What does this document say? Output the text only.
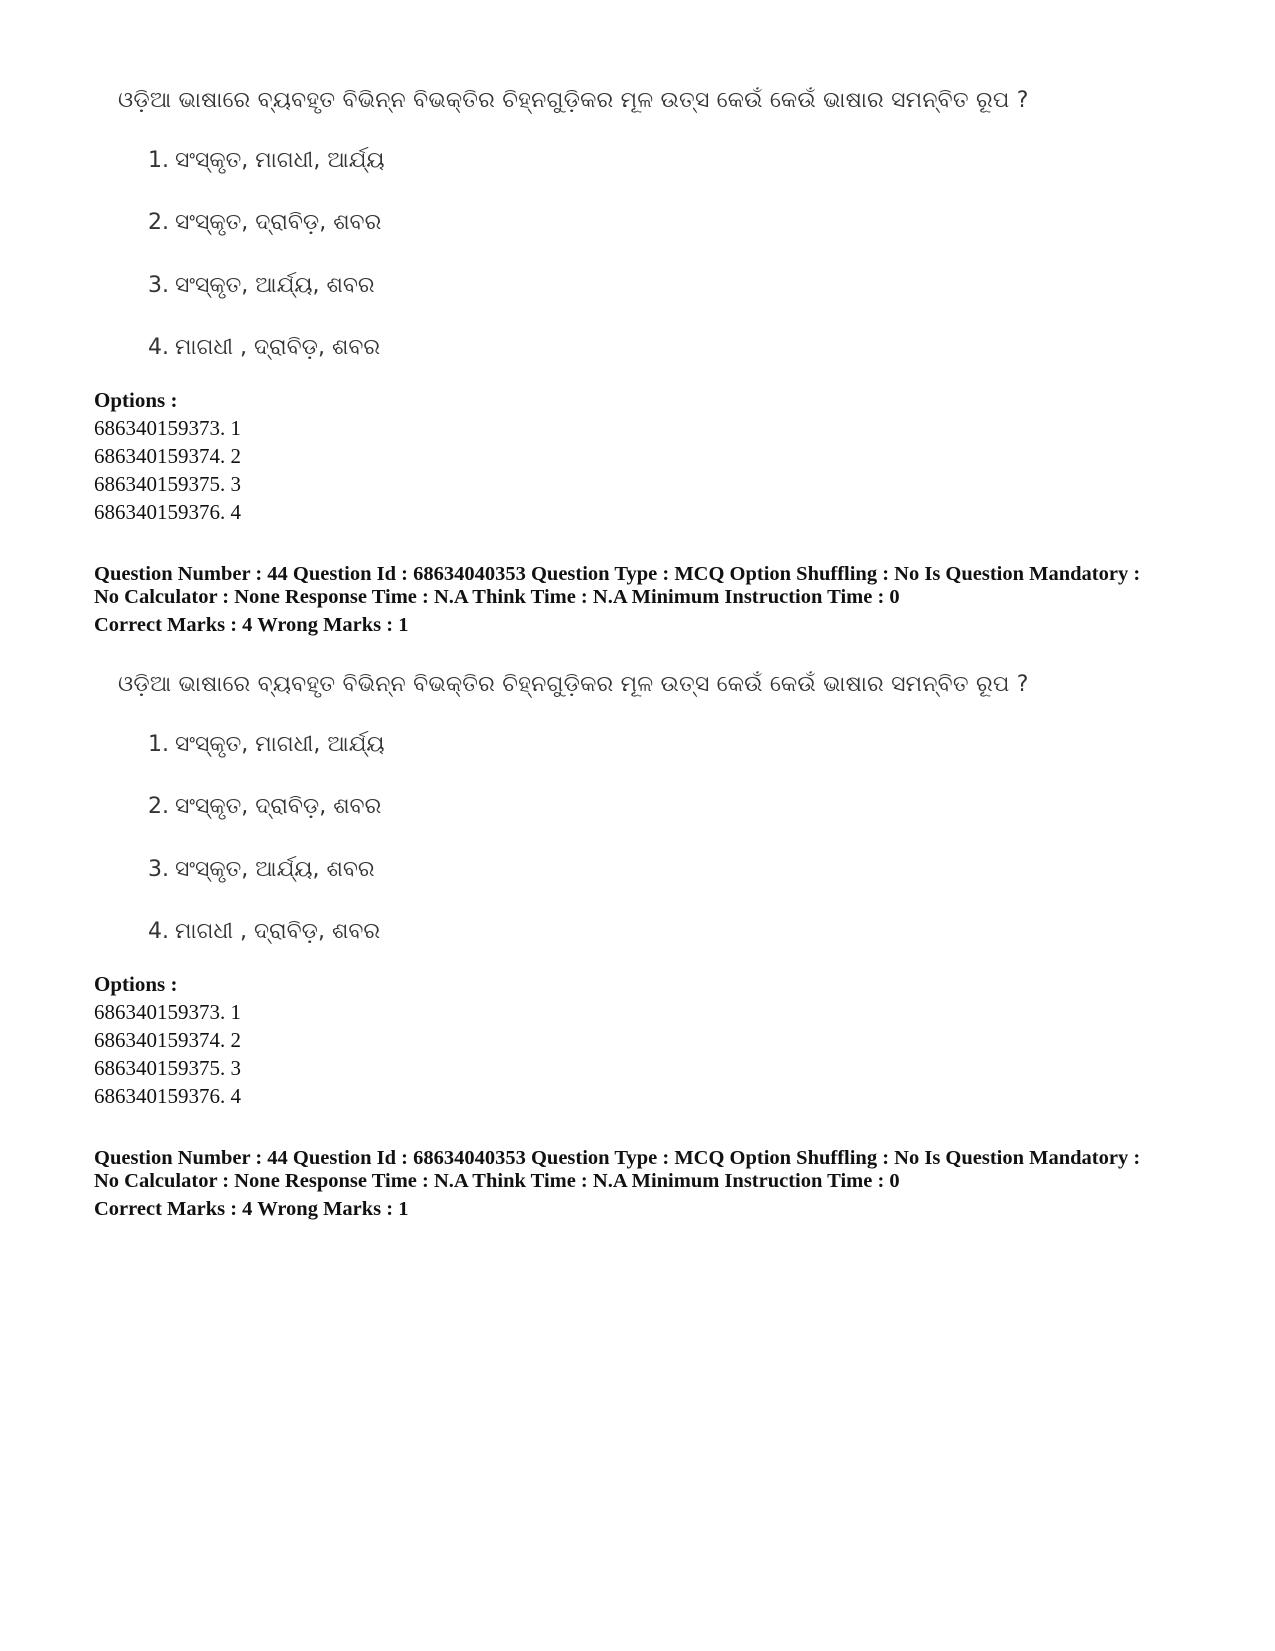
ଓଡ଼ିଆ ଭାଷାରେ ବ୍ୟବହୃତ ବିଭିନ୍ନ ବିଭକ୍ତିର ଚିହ୍ନଗୁଡ଼ିକର ମୂଳ ଉତ୍ସ କେଉଁ କେଉଁ ଭାଷାର ସମନ୍ବିତ ରୂପ ?
1. ସଂସ୍କୃତ, ମାଗଧୀ, ଆର୍ଯ୍ୟ
2. ସଂସ୍କୃତ, ଦ୍ରାବିଡ଼, ଶବର
3. ସଂସ୍କୃତ, ଆର୍ଯ୍ୟ, ଶବର
4. ମାଗଧୀ , ଦ୍ରାବିଡ଼, ଶବର
Options :
686340159373. 1
686340159374. 2
686340159375. 3
686340159376. 4
Question Number : 44 Question Id : 68634040353 Question Type : MCQ Option Shuffling : No Is Question Mandatory :
No Calculator : None Response Time : N.A Think Time : N.A Minimum Instruction Time : 0
Correct Marks : 4 Wrong Marks : 1
ଓଡ଼ିଆ ଭାଷାରେ ବ୍ୟବହୃତ ବିଭିନ୍ନ ବିଭକ୍ତିର ଚିହ୍ନଗୁଡ଼ିକର ମୂଳ ଉତ୍ସ କେଉଁ କେଉଁ ଭାଷାର ସମନ୍ବିତ ରୂପ ?
1. ସଂସ୍କୃତ, ମାଗଧୀ, ଆର୍ଯ୍ୟ
2. ସଂସ୍କୃତ, ଦ୍ରାବିଡ଼, ଶବର
3. ସଂସ୍କୃତ, ଆର୍ଯ୍ୟ, ଶବର
4. ମାଗଧୀ , ଦ୍ରାବିଡ଼, ଶବର
Options :
686340159373. 1
686340159374. 2
686340159375. 3
686340159376. 4
Question Number : 44 Question Id : 68634040353 Question Type : MCQ Option Shuffling : No Is Question Mandatory :
No Calculator : None Response Time : N.A Think Time : N.A Minimum Instruction Time : 0
Correct Marks : 4 Wrong Marks : 1
